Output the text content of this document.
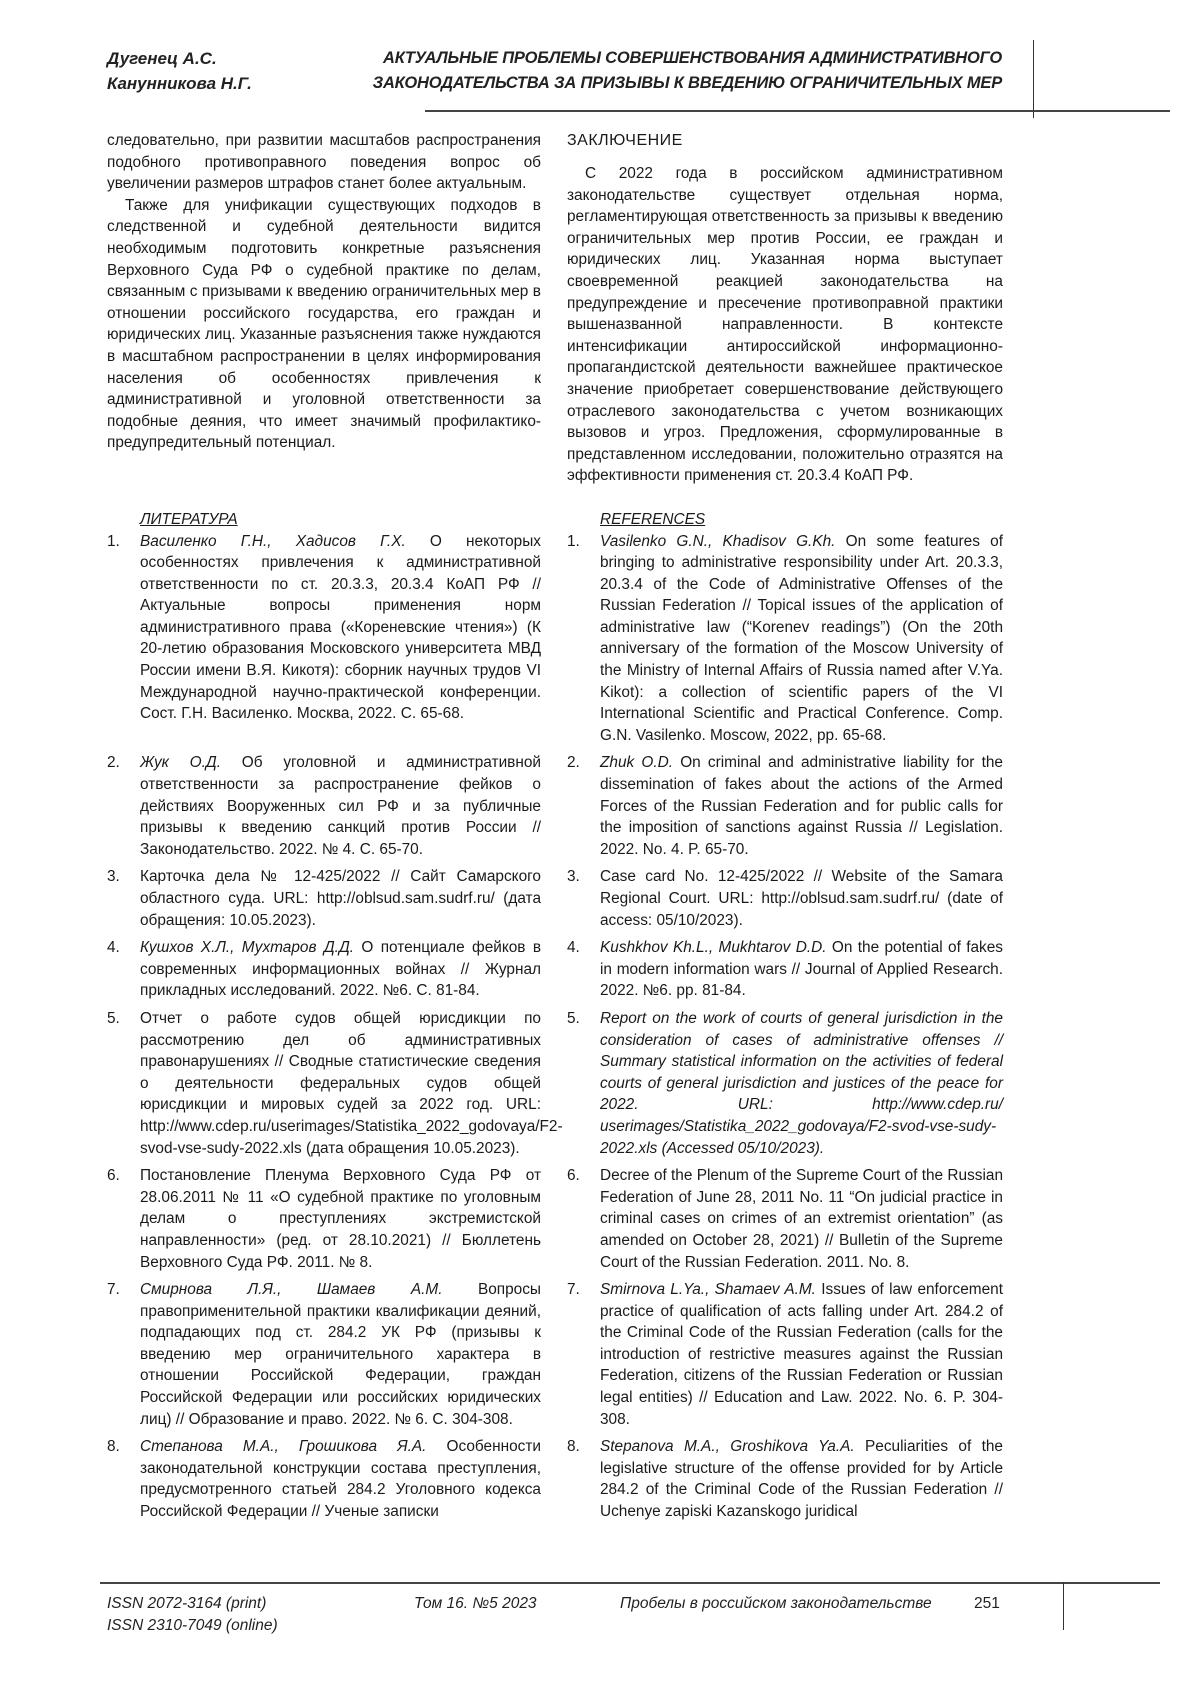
Дугенец А.С.
Канунникова Н.Г.
АКТУАЛЬНЫЕ ПРОБЛЕМЫ СОВЕРШЕНСТВОВАНИЯ АДМИНИСТРАТИВНОГО
ЗАКОНОДАТЕЛЬСТВА ЗА ПРИЗЫВЫ К ВВЕДЕНИЮ ОГРАНИЧИТЕЛЬНЫХ МЕР

следовательно, при развитии масштабов распространения подобного противоправного поведения вопрос об увеличении размеров штрафов станет более актуальным.

Также для унификации существующих подходов в следственной и судебной деятельности видится необходимым подготовить конкретные разъяснения Верховного Суда РФ о судебной практике по делам, связанным с призывами к введению ограничительных мер в отношении российского государства, его граждан и юридических лиц. Указанные разъяснения также нуждаются в масштабном распространении в целях информирования населения об особенностях привлечения к административной и уголовной ответственности за подобные деяния, что имеет значимый профилактико-предупредительный потенциал.

ЗАКЛЮЧЕНИЕ

С 2022 года в российском административном законодательстве существует отдельная норма, регламентирующая ответственность за призывы к введению ограничительных мер против России, ее граждан и юридических лиц. Указанная норма выступает своевременной реакцией законодательства на предупреждение и пресечение противоправной практики вышеназванной направленности. В контексте интенсификации антироссийской информационно-пропагандистской деятельности важнейшее практическое значение приобретает совершенствование действующего отраслевого законодательства с учетом возникающих вызовов и угроз. Предложения, сформулированные в представленном исследовании, положительно отразятся на эффективности применения ст. 20.3.4 КоАП РФ.

ЛИТЕРАТУРА	REFERENCES
1. Василенко Г.Н., Хадисов Г.Х. О некоторых особенностях привлечения к административной ответственности по ст. 20.3.3, 20.3.4 КоАП РФ // Актуальные вопросы применения норм административного права («Кореневские чтения») (К 20-летию образования Московского университета МВД России имени В.Я. Кикотя): сборник научных трудов VI Международной научно-практической конференции. Сост. Г.Н. Василенко. Москва, 2022. С. 65-68.
1. Vasilenko G.N., Khadisov G.Kh. On some features of bringing to administrative responsibility under Art. 20.3.3, 20.3.4 of the Code of Administrative Offenses of the Russian Federation // Topical issues of the application of administrative law (“Korenev readings”) (On the 20th anniversary of the formation of the Moscow University of the Ministry of Internal Affairs of Russia named after V.Ya. Kikot): a collection of scientific papers of the VI International Scientific and Practical Conference. Comp. G.N. Vasilenko. Moscow, 2022, pp. 65-68.
2. Жук О.Д. Об уголовной и административной ответственности за распространение фейков о действиях Вооруженных сил РФ и за публичные призывы к введению санкций против России // Законодательство. 2022. № 4. С. 65-70.
2. Zhuk O.D. On criminal and administrative liability for the dissemination of fakes about the actions of the Armed Forces of the Russian Federation and for public calls for the imposition of sanctions against Russia // Legislation. 2022. No. 4. P. 65-70.
3. Карточка дела № 12-425/2022 // Сайт Самарского областного суда. URL: http://oblsud.sam.sudrf.ru/ (дата обращения: 10.05.2023).
3. Case card No. 12-425/2022 // Website of the Samara Regional Court. URL: http://oblsud.sam.sudrf.ru/ (date of access: 05/10/2023).
4. Кушхов Х.Л., Мухтаров Д.Д. О потенциале фейков в современных информационных войнах // Журнал прикладных исследований. 2022. №6. С. 81-84.
4. Kushkhov Kh.L., Mukhtarov D.D. On the potential of fakes in modern information wars // Journal of Applied Research. 2022. №6. pp. 81-84.
5. Отчет о работе судов общей юрисдикции по рассмотрению дел об административных правонарушениях // Сводные статистические сведения о деятельности федеральных судов общей юрисдикции и мировых судей за 2022 год. URL: http://www.cdep.ru/userimages/Statistika_2022_godovaya/F2-svod-vse-sudy-2022.xls (дата обращения 10.05.2023).
5. Report on the work of courts of general jurisdiction in the consideration of cases of administrative offenses // Summary statistical information on the activities of federal courts of general jurisdiction and justices of the peace for 2022. URL: http://www.cdep.ru/ userimages/Statistika_2022_godovaya/F2-svod-vse-sudy-2022.xls (Accessed 05/10/2023).
6. Постановление Пленума Верховного Суда РФ от 28.06.2011 № 11 «О судебной практике по уголовным делам о преступлениях экстремистской направленности» (ред. от 28.10.2021) // Бюллетень Верховного Суда РФ. 2011. № 8.
6. Decree of the Plenum of the Supreme Court of the Russian Federation of June 28, 2011 No. 11 “On judicial practice in criminal cases on crimes of an extremist orientation” (as amended on October 28, 2021) // Bulletin of the Supreme Court of the Russian Federation. 2011. No. 8.
7. Смирнова Л.Я., Шамаев А.М. Вопросы правоприменительной практики квалификации деяний, подпадающих под ст. 284.2 УК РФ (призывы к введению мер ограничительного характера в отношении Российской Федерации, граждан Российской Федерации или российских юридических лиц) // Образование и право. 2022. № 6. С. 304-308.
7. Smirnova L.Ya., Shamaev A.M. Issues of law enforcement practice of qualification of acts falling under Art. 284.2 of the Criminal Code of the Russian Federation (calls for the introduction of restrictive measures against the Russian Federation, citizens of the Russian Federation or Russian legal entities) // Education and Law. 2022. No. 6. P. 304-308.
8. Степанова М.А., Грошикова Я.А. Особенности законодательной конструкции состава преступления, предусмотренного статьей 284.2 Уголовного кодекса Российской Федерации // Ученые записки
8. Stepanova M.A., Groshikova Ya.A. Peculiarities of the legislative structure of the offense provided for by Article 284.2 of the Criminal Code of the Russian Federation // Uchenye zapiski Kazanskogo juridical
ISSN 2072-3164 (print)
ISSN 2310-7049 (online)
Том 16. №5 2023	Пробелы в российском законодательстве	251
